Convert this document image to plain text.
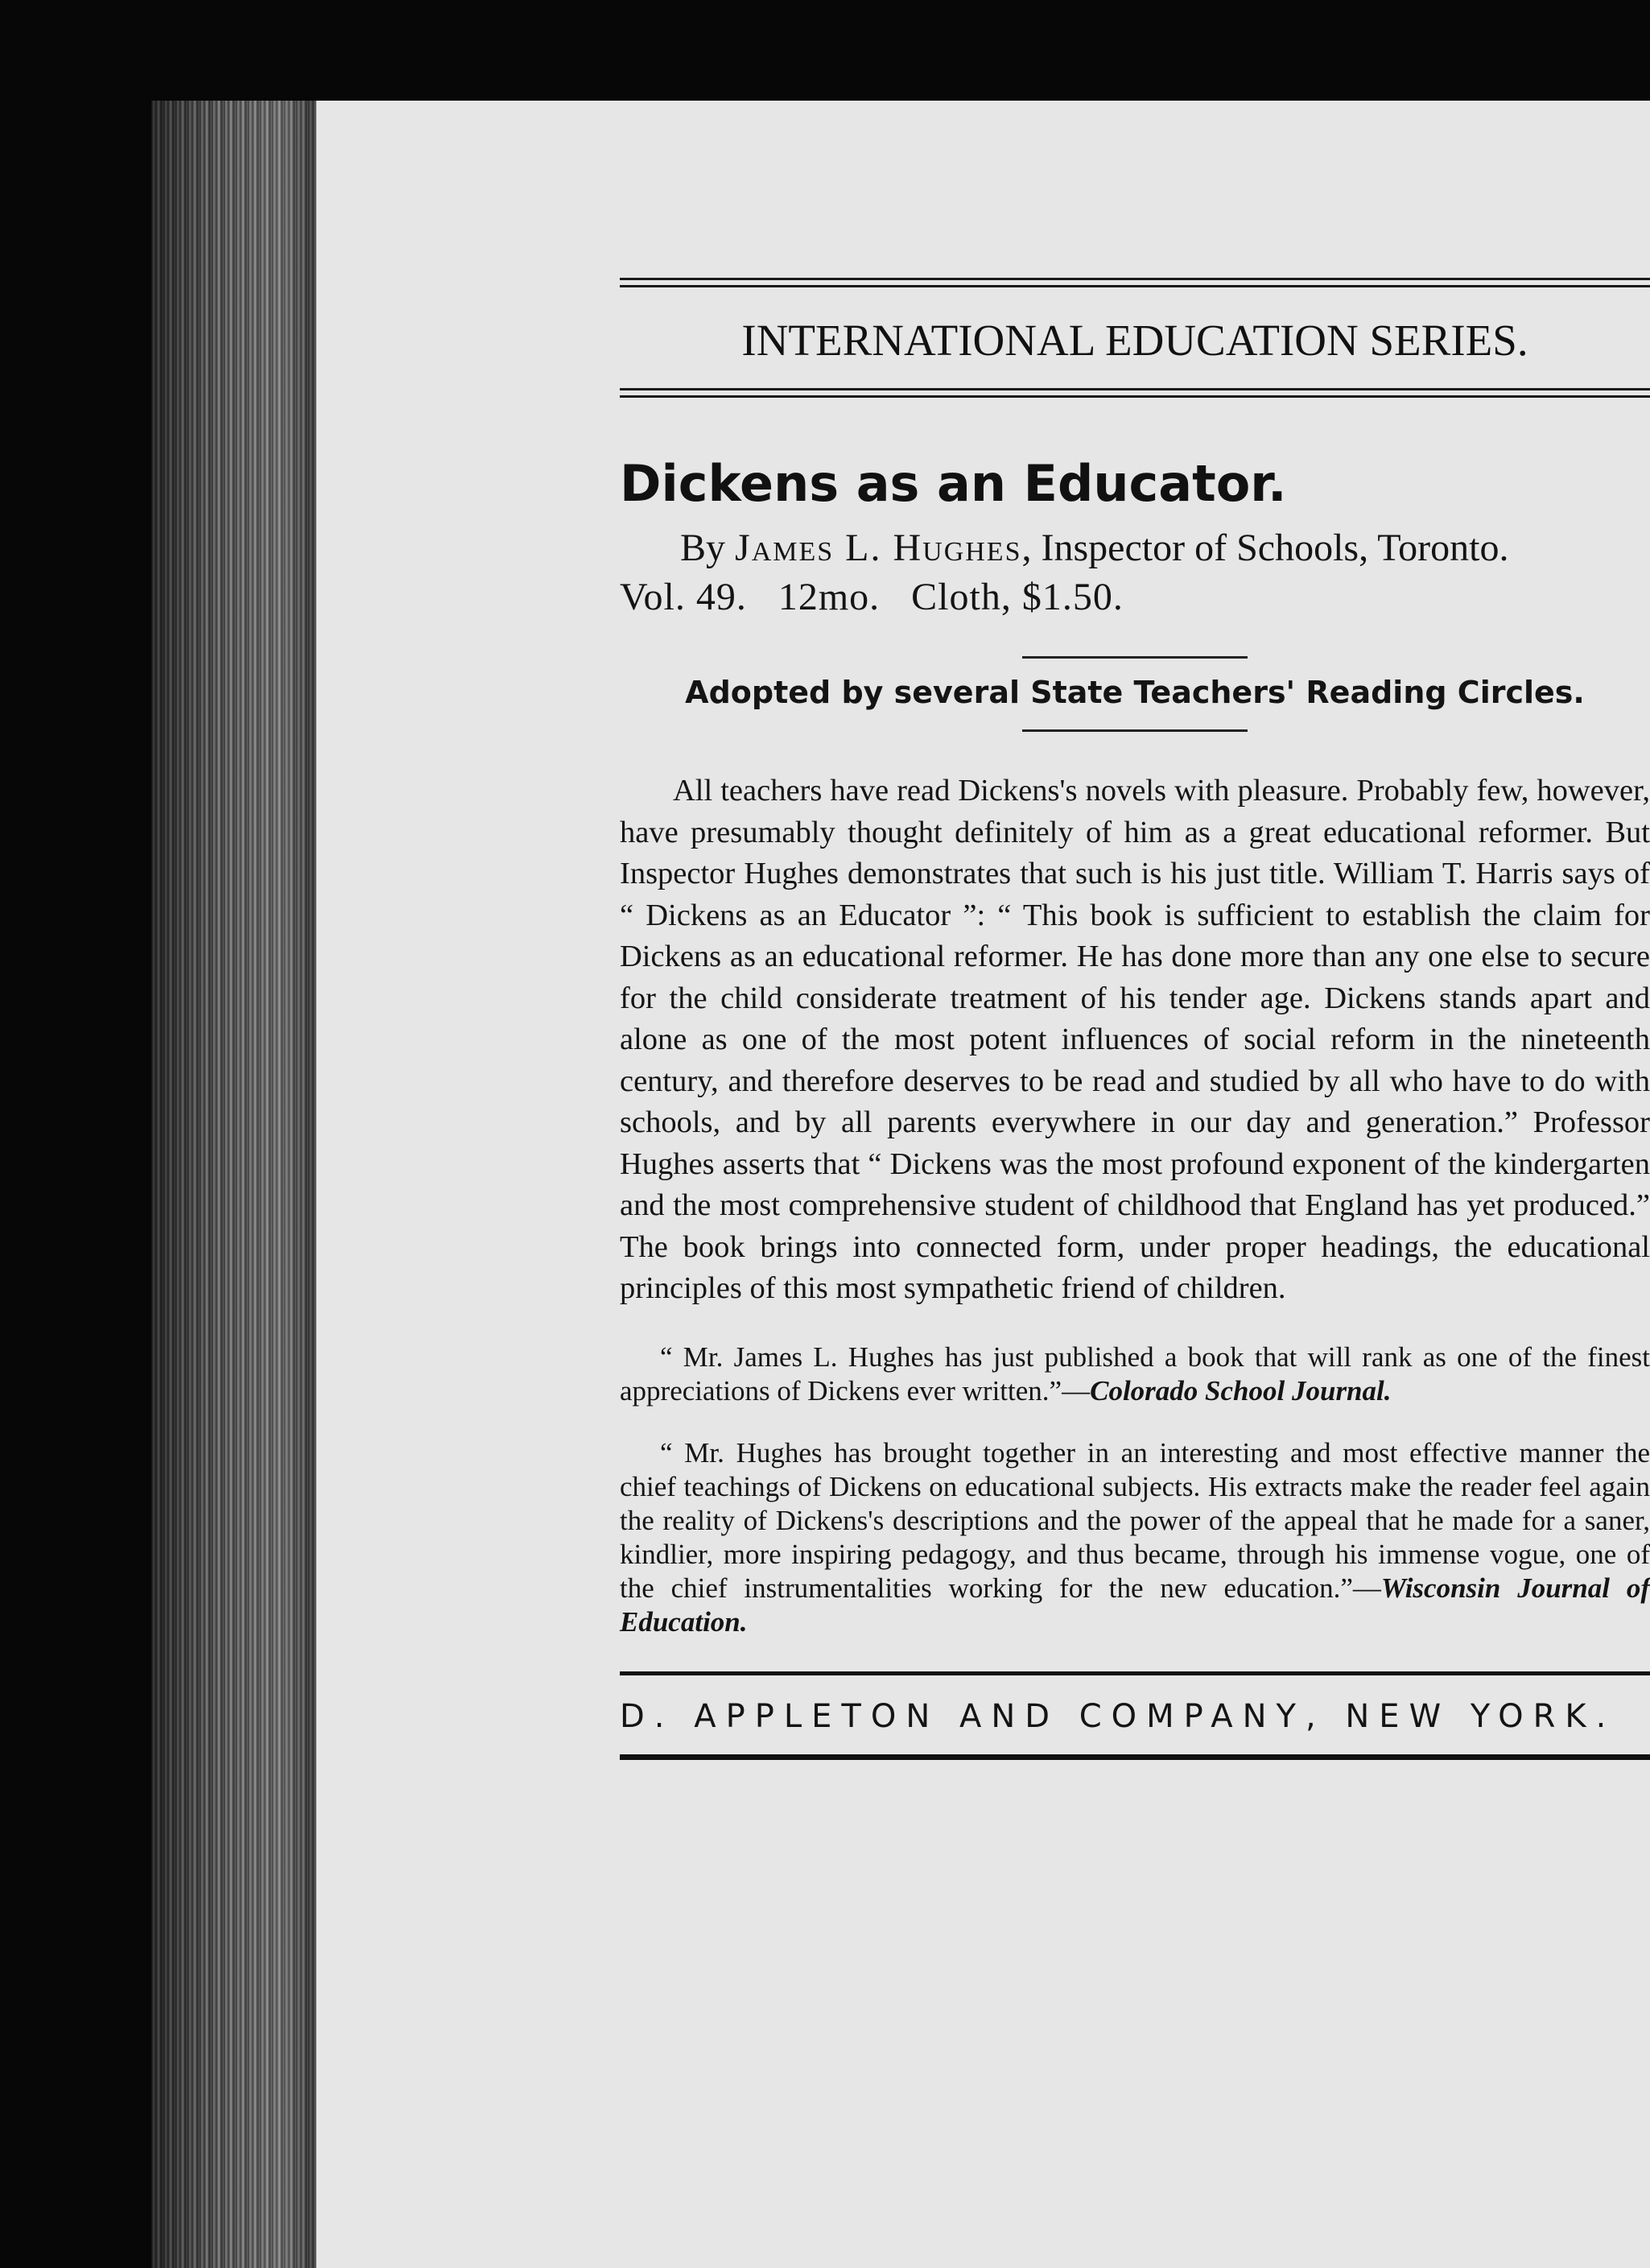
INTERNATIONAL EDUCATION SERIES.
Dickens as an Educator.
By James L. Hughes, Inspector of Schools, Toronto.
Vol. 49.   12mo.   Cloth, $1.50.
Adopted by several State Teachers' Reading Circles.

All teachers have read Dickens's novels with pleasure. Probably few, however, have presumably thought definitely of him as a great educational reformer. But Inspector Hughes demonstrates that such is his just title. William T. Harris says of “ Dickens as an Educator ”: “ This book is sufficient to establish the claim for Dickens as an educational reformer. He has done more than any one else to secure for the child considerate treatment of his tender age. Dickens stands apart and alone as one of the most potent influences of social reform in the nineteenth century, and therefore deserves to be read and studied by all who have to do with schools, and by all parents everywhere in our day and generation.” Professor Hughes asserts that “ Dickens was the most profound exponent of the kindergarten and the most comprehensive student of childhood that England has yet produced.” The book brings into connected form, under proper headings, the educational principles of this most sympathetic friend of children.

“ Mr. James L. Hughes has just published a book that will rank as one of the finest appreciations of Dickens ever written.”—Colorado School Journal.

“ Mr. Hughes has brought together in an interesting and most effective manner the chief teachings of Dickens on educational subjects. His extracts make the reader feel again the reality of Dickens's descriptions and the power of the appeal that he made for a saner, kindlier, more inspiring pedagogy, and thus became, through his immense vogue, one of the chief instrumentalities working for the new education.”—Wisconsin Journal of Education.

D. APPLETON AND COMPANY, NEW YORK.
